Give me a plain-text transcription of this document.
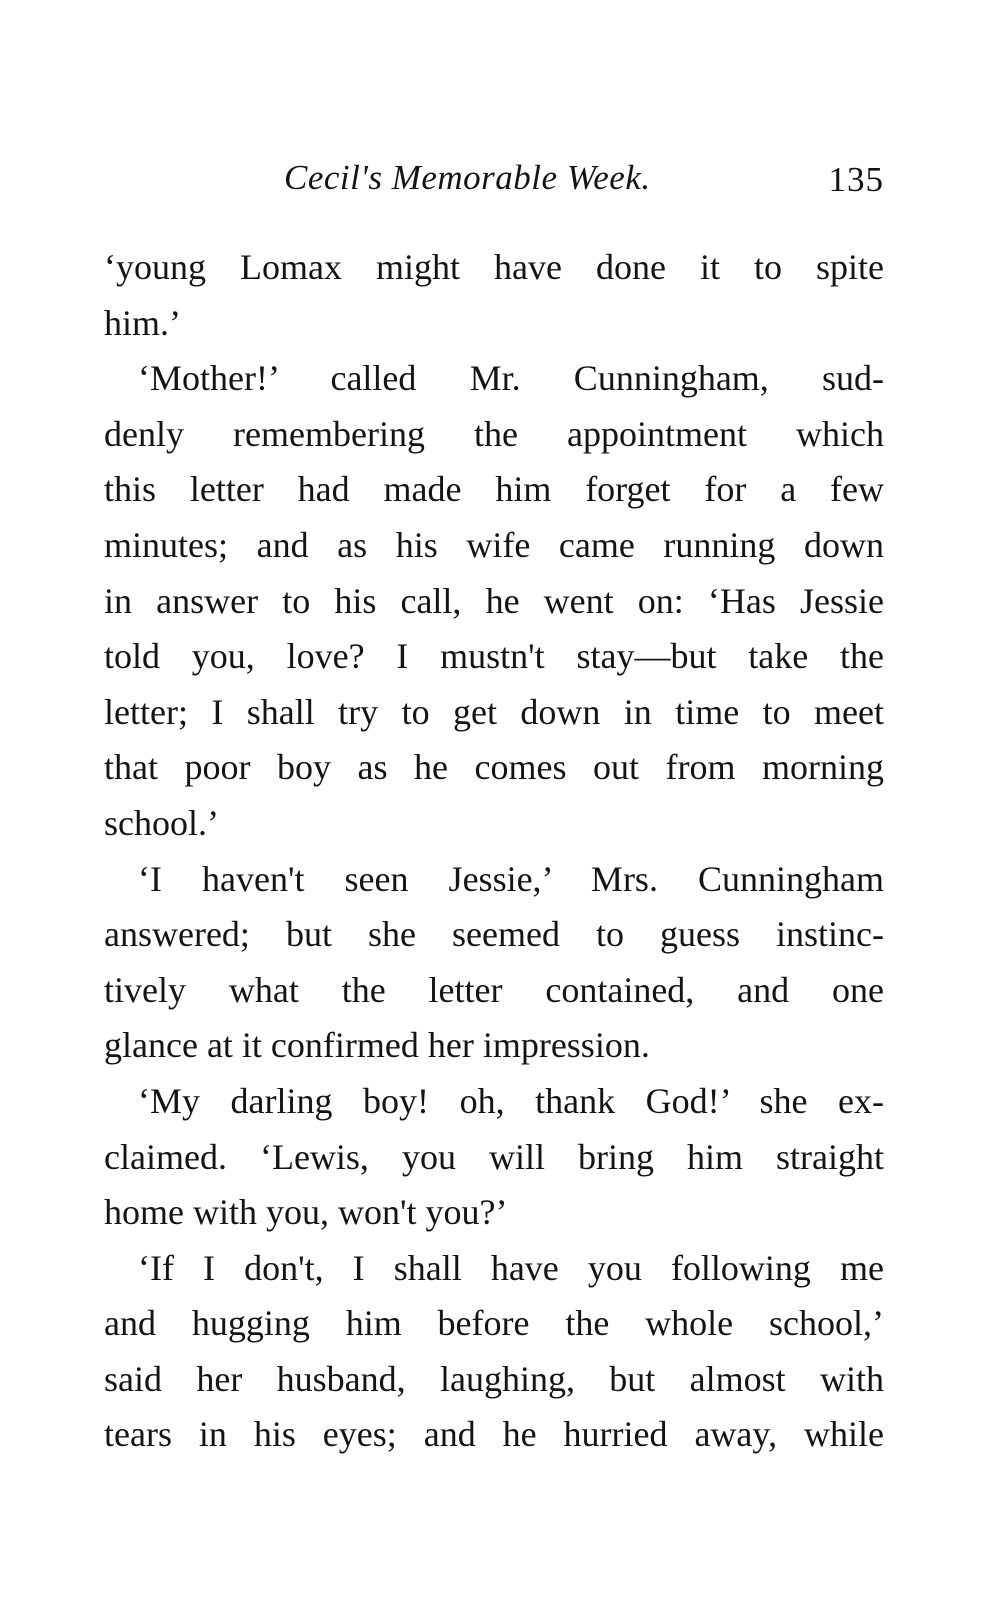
Cecil's Memorable Week.	135
‘young Lomax might have done it to spite
him.’
‘Mother!’ called Mr. Cunningham, sud-
denly remembering the appointment which
this letter had made him forget for a few
minutes; and as his wife came running down
in answer to his call, he went on: ‘Has Jessie
told you, love? I mustn't stay—but take the
letter; I shall try to get down in time to meet
that poor boy as he comes out from morning
school.’
‘I haven't seen Jessie,’ Mrs. Cunningham
answered; but she seemed to guess instinc-
tively what the letter contained, and one
glance at it confirmed her impression.
‘My darling boy! oh, thank God!’ she ex-
claimed. ‘Lewis, you will bring him straight
home with you, won't you?’
‘If I don't, I shall have you following me
and hugging him before the whole school,’
said her husband, laughing, but almost with
tears in his eyes; and he hurried away, while
